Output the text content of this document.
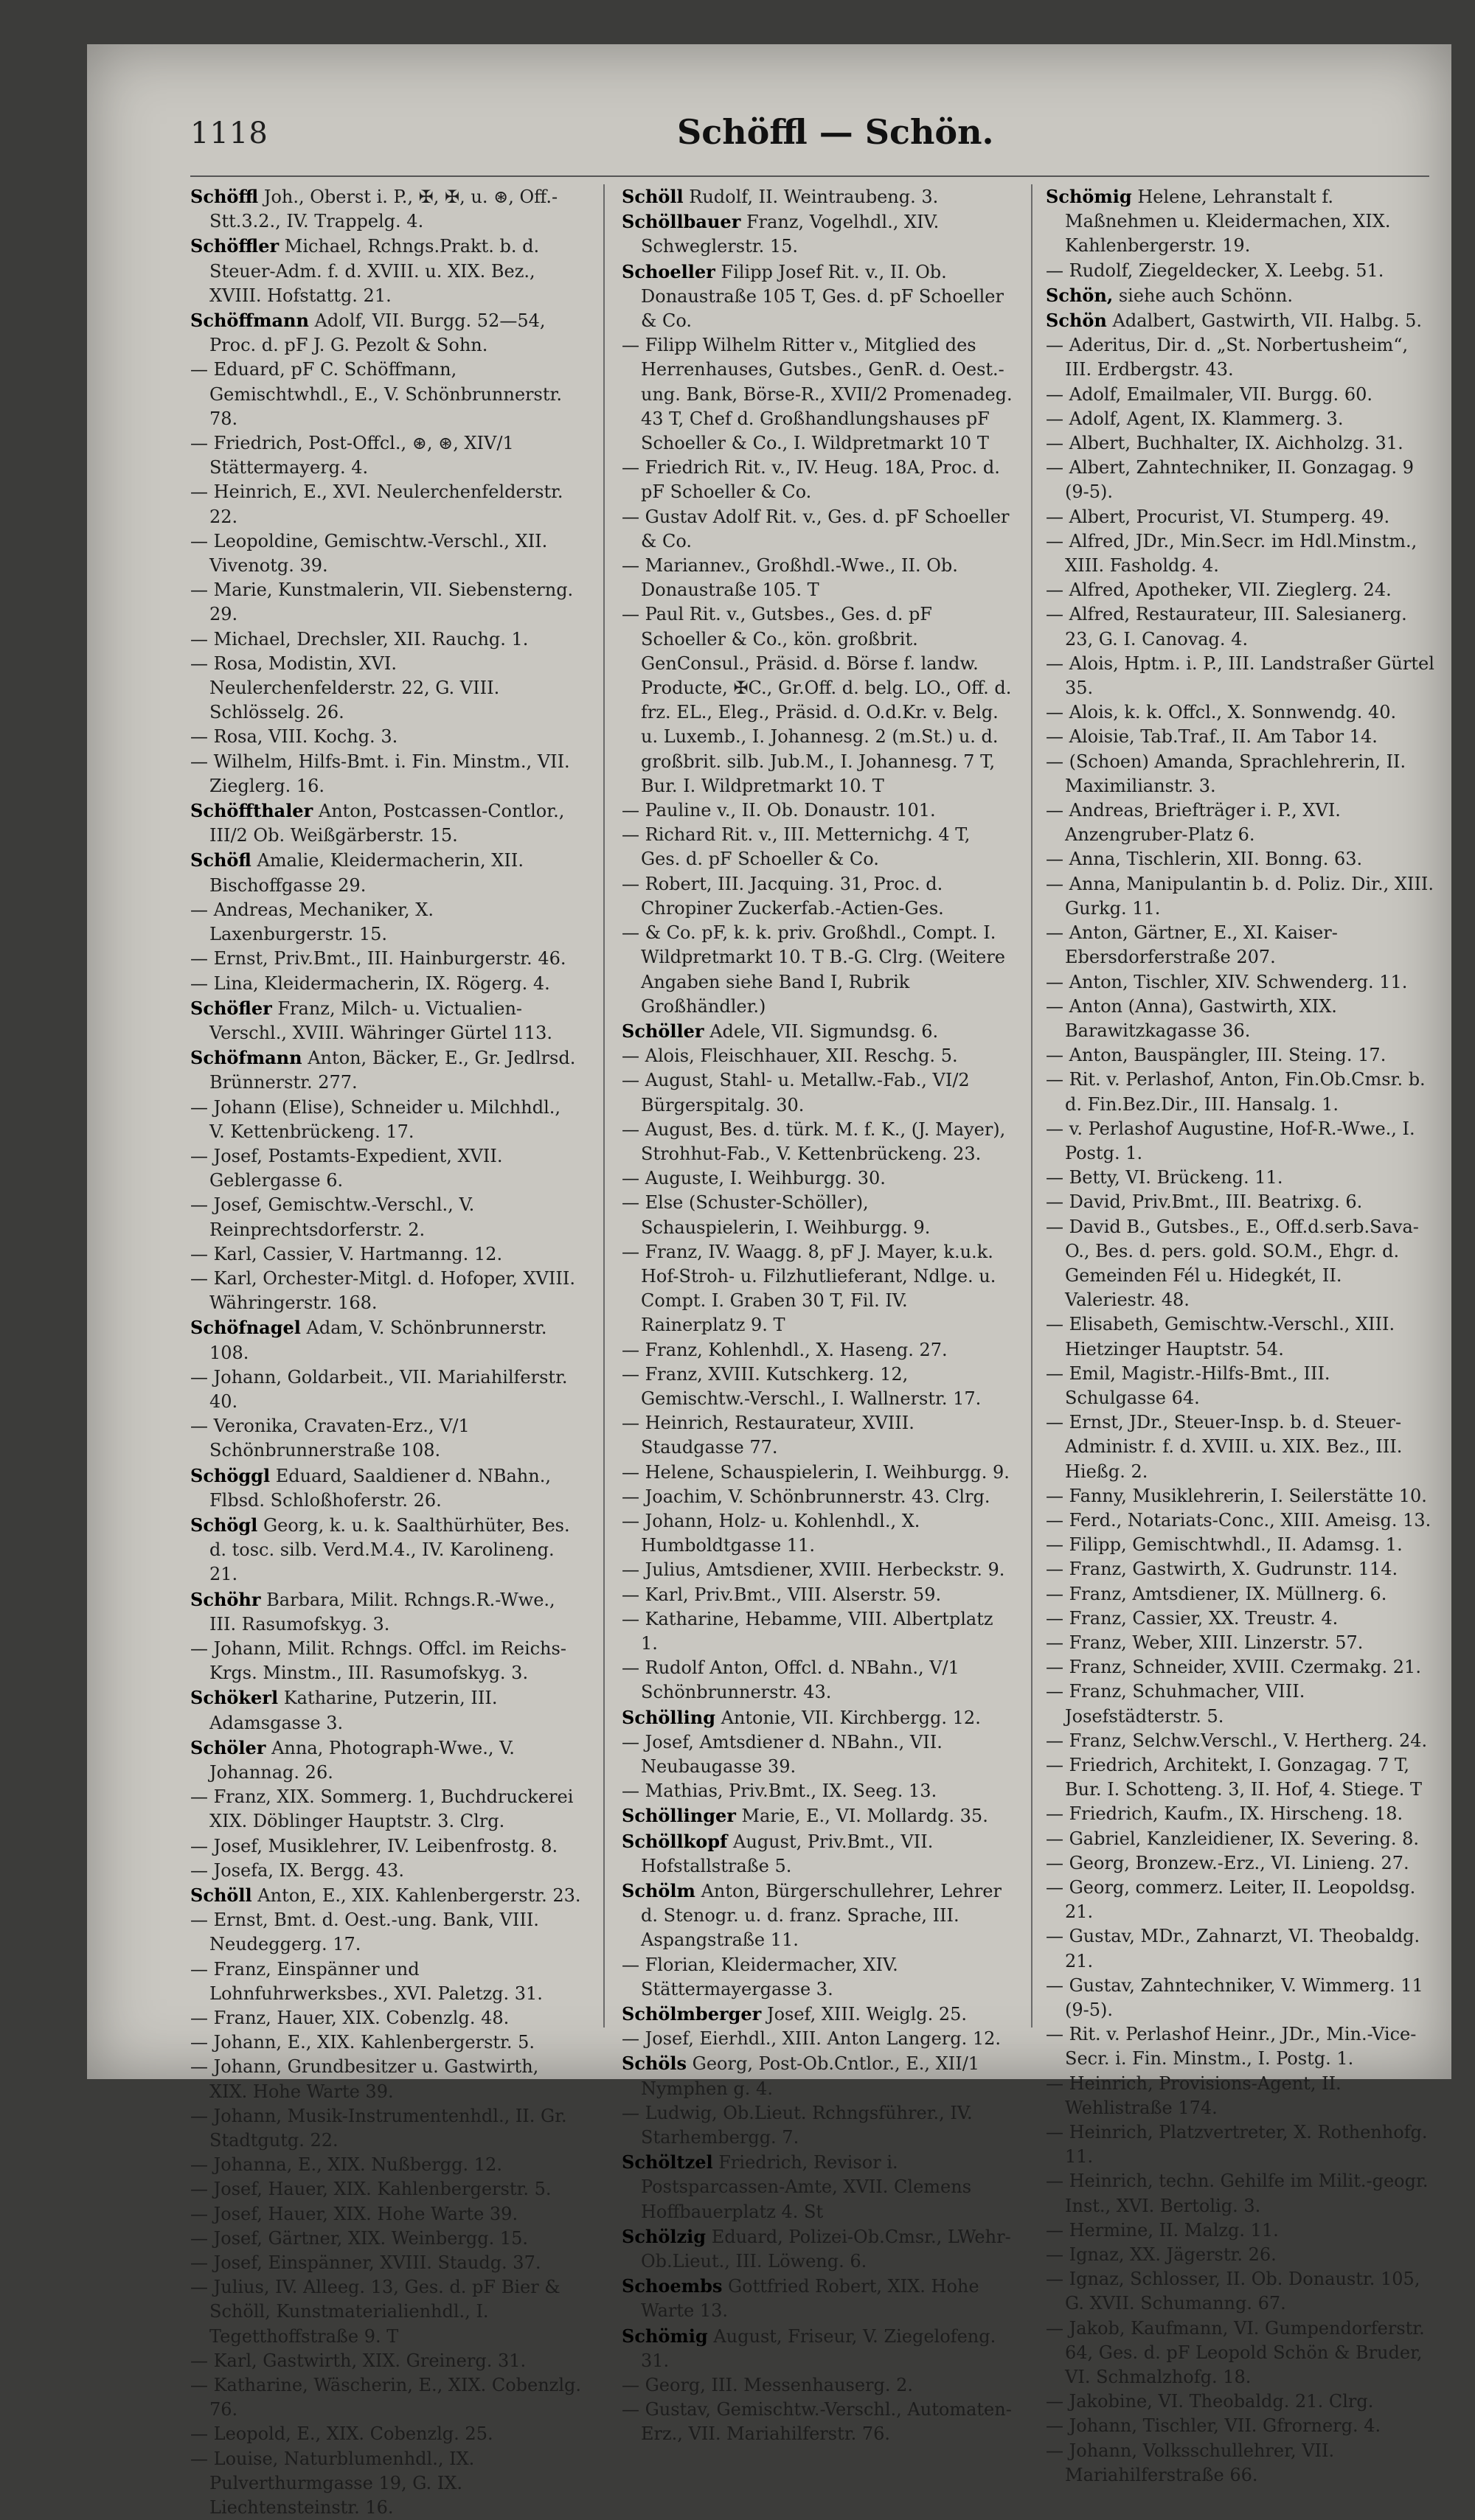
1118	Schöffl — Schön.

Schöffl Joh., Oberst i. P., ✠, ✠, u. ⊛, Off.-Stt.3.2., IV. Trappelg. 4.

Schöffler Michael, Rchngs.Prakt. b. d. Steuer-Adm. f. d. XVIII. u. XIX. Bez., XVIII. Hofstattg. 21.

Schöffmann Adolf, VII. Burgg. 52—54, Proc. d. pF J. G. Pezolt & Sohn.

— Eduard, pF C. Schöffmann, Gemischtwhdl., E., V. Schönbrunnerstr. 78.

— Friedrich, Post-Offcl., ⊛, ⊛, XIV/1 Stättermayerg. 4.

— Heinrich, E., XVI. Neulerchenfelderstr. 22.

— Leopoldine, Gemischtw.-Verschl., XII. Vivenotg. 39.

— Marie, Kunstmalerin, VII. Siebensterng. 29.

— Michael, Drechsler, XII. Rauchg. 1.

— Rosa, Modistin, XVI. Neulerchenfelderstr. 22, G. VIII. Schlösselg. 26.

— Rosa, VIII. Kochg. 3.

— Wilhelm, Hilfs-Bmt. i. Fin. Minstm., VII. Zieglerg. 16.

Schöffthaler Anton, Postcassen-Contlor., III/2 Ob. Weißgärberstr. 15.

Schöfl Amalie, Kleidermacherin, XII. Bischoffgasse 29.

— Andreas, Mechaniker, X. Laxenburgerstr. 15.

— Ernst, Priv.Bmt., III. Hainburgerstr. 46.

— Lina, Kleidermacherin, IX. Rögerg. 4.

Schöfler Franz, Milch- u. Victualien-Verschl., XVIII. Währinger Gürtel 113.

Schöfmann Anton, Bäcker, E., Gr. Jedlrsd. Brünnerstr. 277.

— Johann (Elise), Schneider u. Milchhdl., V. Kettenbrückeng. 17.

— Josef, Postamts-Expedient, XVII. Geblergasse 6.

— Josef, Gemischtw.-Verschl., V. Reinprechtsdorferstr. 2.

— Karl, Cassier, V. Hartmanng. 12.

— Karl, Orchester-Mitgl. d. Hofoper, XVIII. Währingerstr. 168.

Schöfnagel Adam, V. Schönbrunnerstr. 108.

— Johann, Goldarbeit., VII. Mariahilferstr. 40.

— Veronika, Cravaten-Erz., V/1 Schönbrunnerstraße 108.

Schöggl Eduard, Saaldiener d. NBahn., Flbsd. Schloßhoferstr. 26.

Schögl Georg, k. u. k. Saalthürhüter, Bes. d. tosc. silb. Verd.M.4., IV. Karolineng. 21.

Schöhr Barbara, Milit. Rchngs.R.-Wwe., III. Rasumofskyg. 3.

— Johann, Milit. Rchngs. Offcl. im Reichs-Krgs. Minstm., III. Rasumofskyg. 3.

Schökerl Katharine, Putzerin, III. Adamsgasse 3.

Schöler Anna, Photograph-Wwe., V. Johannag. 26.

— Franz, XIX. Sommerg. 1, Buchdruckerei XIX. Döblinger Hauptstr. 3. Clrg.

— Josef, Musiklehrer, IV. Leibenfrostg. 8.

— Josefa, IX. Bergg. 43.

Schöll Anton, E., XIX. Kahlenbergerstr. 23.

— Ernst, Bmt. d. Oest.-ung. Bank, VIII. Neudeggerg. 17.

— Franz, Einspänner und Lohnfuhrwerksbes., XVI. Paletzg. 31.

— Franz, Hauer, XIX. Cobenzlg. 48.

— Johann, E., XIX. Kahlenbergerstr. 5.

— Johann, Grundbesitzer u. Gastwirth, XIX. Hohe Warte 39.

— Johann, Musik-Instrumentenhdl., II. Gr. Stadtgutg. 22.

— Johanna, E., XIX. Nußbergg. 12.

— Josef, Hauer, XIX. Kahlenbergerstr. 5.

— Josef, Hauer, XIX. Hohe Warte 39.

— Josef, Gärtner, XIX. Weinbergg. 15.

— Josef, Einspänner, XVIII. Staudg. 37.

— Julius, IV. Alleeg. 13, Ges. d. pF Bier & Schöll, Kunstmaterialienhdl., I. Tegetthoffstraße 9. T

— Karl, Gastwirth, XIX. Greinerg. 31.

— Katharine, Wäscherin, E., XIX. Cobenzlg. 76.

— Leopold, E., XIX. Cobenzlg. 25.

— Louise, Naturblumenhdl., IX. Pulverthurmgasse 19, G. IX. Liechtensteinstr. 16.

Schöll Rudolf, II. Weintraubeng. 3.

Schöllbauer Franz, Vogelhdl., XIV. Schweglerstr. 15.

Schoeller Filipp Josef Rit. v., II. Ob. Donaustraße 105 T, Ges. d. pF Schoeller & Co.

— Filipp Wilhelm Ritter v., Mitglied des Herrenhauses, Gutsbes., GenR. d. Oest.-ung. Bank, Börse-R., XVII/2 Promenadeg. 43 T, Chef d. Großhandlungshauses pF Schoeller & Co., I. Wildpretmarkt 10 T

— Friedrich Rit. v., IV. Heug. 18A, Proc. d. pF Schoeller & Co.

— Gustav Adolf Rit. v., Ges. d. pF Schoeller & Co.

— Mariannev., Großhdl.-Wwe., II. Ob. Donaustraße 105. T

— Paul Rit. v., Gutsbes., Ges. d. pF Schoeller & Co., kön. großbrit. GenConsul., Präsid. d. Börse f. landw. Producte, ✠C., Gr.Off. d. belg. LO., Off. d. frz. EL., Eleg., Präsid. d. O.d.Kr. v. Belg. u. Luxemb., I. Johannesg. 2 (m.St.) u. d. großbrit. silb. Jub.M., I. Johannesg. 7 T, Bur. I. Wildpretmarkt 10. T

— Pauline v., II. Ob. Donaustr. 101.

— Richard Rit. v., III. Metternichg. 4 T, Ges. d. pF Schoeller & Co.

— Robert, III. Jacquing. 31, Proc. d. Chropiner Zuckerfab.-Actien-Ges.

— & Co. pF, k. k. priv. Großhdl., Compt. I. Wildpretmarkt 10. T B.-G. Clrg. (Weitere Angaben siehe Band I, Rubrik Großhändler.)

Schöller Adele, VII. Sigmundsg. 6.

— Alois, Fleischhauer, XII. Reschg. 5.

— August, Stahl- u. Metallw.-Fab., VI/2 Bürgerspitalg. 30.

— August, Bes. d. türk. M. f. K., (J. Mayer), Strohhut-Fab., V. Kettenbrückeng. 23.

— Auguste, I. Weihburgg. 30.

— Else (Schuster-Schöller), Schauspielerin, I. Weihburgg. 9.

— Franz, IV. Waagg. 8, pF J. Mayer, k.u.k. Hof-Stroh- u. Filzhutlieferant, Ndlge. u. Compt. I. Graben 30 T, Fil. IV. Rainerplatz 9. T

— Franz, Kohlenhdl., X. Haseng. 27.

— Franz, XVIII. Kutschkerg. 12, Gemischtw.-Verschl., I. Wallnerstr. 17.

— Heinrich, Restaurateur, XVIII. Staudgasse 77.

— Helene, Schauspielerin, I. Weihburgg. 9.

— Joachim, V. Schönbrunnerstr. 43. Clrg.

— Johann, Holz- u. Kohlenhdl., X. Humboldtgasse 11.

— Julius, Amtsdiener, XVIII. Herbeckstr. 9.

— Karl, Priv.Bmt., VIII. Alserstr. 59.

— Katharine, Hebamme, VIII. Albertplatz 1.

— Rudolf Anton, Offcl. d. NBahn., V/1 Schönbrunnerstr. 43.

Schölling Antonie, VII. Kirchbergg. 12.

— Josef, Amtsdiener d. NBahn., VII. Neubaugasse 39.

— Mathias, Priv.Bmt., IX. Seeg. 13.

Schöllinger Marie, E., VI. Mollardg. 35.

Schöllkopf August, Priv.Bmt., VII. Hofstallstraße 5.

Schölm Anton, Bürgerschullehrer, Lehrer d. Stenogr. u. d. franz. Sprache, III. Aspangstraße 11.

— Florian, Kleidermacher, XIV. Stättermayergasse 3.

Schölmberger Josef, XIII. Weiglg. 25.

— Josef, Eierhdl., XIII. Anton Langerg. 12.

Schöls Georg, Post-Ob.Cntlor., E., XII/1 Nymphen g. 4.

— Ludwig, Ob.Lieut. Rchngsführer., IV. Starhembergg. 7.

Schöltzel Friedrich, Revisor i. Postsparcassen-Amte, XVII. Clemens Hoffbauerplatz 4. St

Schölzig Eduard, Polizei-Ob.Cmsr., LWehr-Ob.Lieut., III. Löweng. 6.

Schoembs Gottfried Robert, XIX. Hohe Warte 13.

Schömig August, Friseur, V. Ziegelofeng. 31.

— Georg, III. Messenhauserg. 2.

— Gustav, Gemischtw.-Verschl., Automaten-Erz., VII. Mariahilferstr. 76.

Schömig Helene, Lehranstalt f. Maßnehmen u. Kleidermachen, XIX. Kahlenbergerstr. 19.

— Rudolf, Ziegeldecker, X. Leebg. 51.

Schön, siehe auch Schönn.

Schön Adalbert, Gastwirth, VII. Halbg. 5.

— Aderitus, Dir. d. „St. Norbertusheim“, III. Erdbergstr. 43.

— Adolf, Emailmaler, VII. Burgg. 60.

— Adolf, Agent, IX. Klammerg. 3.

— Albert, Buchhalter, IX. Aichholzg. 31.

— Albert, Zahntechniker, II. Gonzagag. 9 (9-5).

— Albert, Procurist, VI. Stumperg. 49.

— Alfred, JDr., Min.Secr. im Hdl.Minstm., XIII. Fasholdg. 4.

— Alfred, Apotheker, VII. Zieglerg. 24.

— Alfred, Restaurateur, III. Salesianerg. 23, G. I. Canovag. 4.

— Alois, Hptm. i. P., III. Landstraßer Gürtel 35.

— Alois, k. k. Offcl., X. Sonnwendg. 40.

— Aloisie, Tab.Traf., II. Am Tabor 14.

— (Schoen) Amanda, Sprachlehrerin, II. Maximilianstr. 3.

— Andreas, Briefträger i. P., XVI. Anzengruber-Platz 6.

— Anna, Tischlerin, XII. Bonng. 63.

— Anna, Manipulantin b. d. Poliz. Dir., XIII. Gurkg. 11.

— Anton, Gärtner, E., XI. Kaiser-Ebersdorferstraße 207.

— Anton, Tischler, XIV. Schwenderg. 11.

— Anton (Anna), Gastwirth, XIX. Barawitzkagasse 36.

— Anton, Bauspängler, III. Steing. 17.

— Rit. v. Perlashof, Anton, Fin.Ob.Cmsr. b. d. Fin.Bez.Dir., III. Hansalg. 1.

— v. Perlashof Augustine, Hof-R.-Wwe., I. Postg. 1.

— Betty, VI. Brückeng. 11.

— David, Priv.Bmt., III. Beatrixg. 6.

— David B., Gutsbes., E., Off.d.serb.Sava-O., Bes. d. pers. gold. SO.M., Ehgr. d. Gemeinden Fél u. Hidegkét, II. Valeriestr. 48.

— Elisabeth, Gemischtw.-Verschl., XIII. Hietzinger Hauptstr. 54.

— Emil, Magistr.-Hilfs-Bmt., III. Schulgasse 64.

— Ernst, JDr., Steuer-Insp. b. d. Steuer-Administr. f. d. XVIII. u. XIX. Bez., III. Hießg. 2.

— Fanny, Musiklehrerin, I. Seilerstätte 10.

— Ferd., Notariats-Conc., XIII. Ameisg. 13.

— Filipp, Gemischtwhdl., II. Adamsg. 1.

— Franz, Gastwirth, X. Gudrunstr. 114.

— Franz, Amtsdiener, IX. Müllnerg. 6.

— Franz, Cassier, XX. Treustr. 4.

— Franz, Weber, XIII. Linzerstr. 57.

— Franz, Schneider, XVIII. Czermakg. 21.

— Franz, Schuhmacher, VIII. Josefstädterstr. 5.

— Franz, Selchw.Verschl., V. Hertherg. 24.

— Friedrich, Architekt, I. Gonzagag. 7 T, Bur. I. Schotteng. 3, II. Hof, 4. Stiege. T

— Friedrich, Kaufm., IX. Hirscheng. 18.

— Gabriel, Kanzleidiener, IX. Severing. 8.

— Georg, Bronzew.-Erz., VI. Linieng. 27.

— Georg, commerz. Leiter, II. Leopoldsg. 21.

— Gustav, MDr., Zahnarzt, VI. Theobaldg. 21.

— Gustav, Zahntechniker, V. Wimmerg. 11 (9-5).

— Rit. v. Perlashof Heinr., JDr., Min.-Vice-Secr. i. Fin. Minstm., I. Postg. 1.

— Heinrich, Provisions-Agent, II. Wehlistraße 174.

— Heinrich, Platzvertreter, X. Rothenhofg. 11.

— Heinrich, techn. Gehilfe im Milit.-geogr. Inst., XVI. Bertolig. 3.

— Hermine, II. Malzg. 11.

— Ignaz, XX. Jägerstr. 26.

— Ignaz, Schlosser, II. Ob. Donaustr. 105, G. XVII. Schumanng. 67.

— Jakob, Kaufmann, VI. Gumpendorferstr. 64, Ges. d. pF Leopold Schön & Bruder, VI. Schmalzhofg. 18.

— Jakobine, VI. Theobaldg. 21. Clrg.

— Johann, Tischler, VII. Gfrornerg. 4.

— Johann, Volksschullehrer, VII. Mariahilferstraße 66.
